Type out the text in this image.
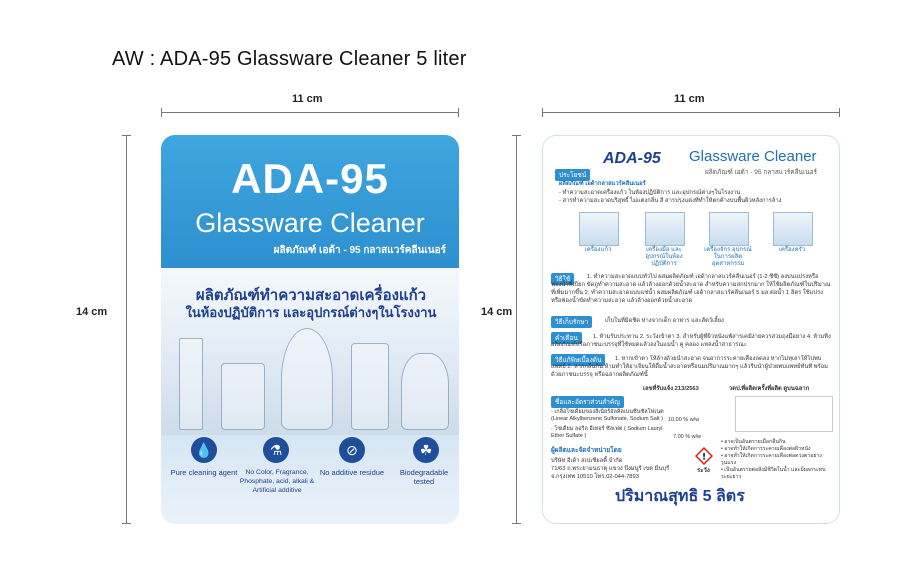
AW : ADA-95 Glassware Cleaner 5 liter
11 cm
14 cm
11 cm
14 cm
ADA-95
Glassware Cleaner
ผลิตภัณฑ์ เอด้า - 95 กลาสแวร์คลีนเนอร์
ผลิตภัณฑ์ทำความสะอาดเครื่องแก้ว
ในห้องปฏิบัติการ และอุปกรณ์ต่างๆในโรงงาน
💧
Pure cleaning agent
⚗
No Color, Fragrance, Phosphate, acid, alkali & Artificial additive
⊘
No additive residue
☘
Biodegradable tested
ADA-95 Glassware Cleaner
ผลิตภัณฑ์ เอด้า - 95 กลาสแวร์คลีนเนอร์
ประโยชน์
ผลิตภัณฑ์ เอด้ากลาสแวร์คลีนเนอร์
- ทำความสะอาดเครื่องแก้ว ในห้องปฏิบัติการ และอุปกรณ์ต่างๆในโรงงาน
- สารทำความสะอาดบริสุทธิ์ ไม่แต่งกลิ่น สี สารปรุงแต่งที่ทำให้ตกค้างบนพื้นผิวหลังการล้าง
เครื่องแก้ว	เครื่องมือ และอุปกรณ์ในห้องปฏิบัติการ
เครื่องจักร อุปกรณ์ในการผลิต อุตสาหกรรม
เครื่องครัว
วิธีใช้	1. ทำความสะอาดแบบทั่วไป ผสมผลิตภัณฑ์ เอด้ากลาสแวร์คลีนเนอร์ (1-2 ซีซี) ลงบนแปรงหรือฟองน้ำที่เปียก ขัดถูทำความสะอาด แล้วล้างออกด้วยน้ำสะอาด สำหรับความสกปรกมาก ให้ใช้ผลิตภัณฑ์ในปริมาณที่เพิ่มมากขึ้น 2. ทำความสะอาดแบบแช่น้ำ ผสมผลิตภัณฑ์ เอด้ากลาสแวร์คลีนเนอร์ 5 มล.ต่อน้ำ 1 ลิตร ใช้แปรงหรือฟองน้ำขัดทำความสะอาด แล้วล้างออกด้วยน้ำสะอาด
วิธีเก็บรักษา	เก็บในที่มิดชิด ห่างจากเด็ก อาหาร และสัตว์เลี้ยง
คำเตือน	1. ห้ามรับประทาน 2. ระวังเข้าตา 3. สำหรับผู้ที่ผิวหนังแพ้สารเคมีง่ายควรสวมถุงมือยาง 4. ห้ามทิ้งผลิตภัณฑ์หรือภาชนะบรรจุที่ใช้หมดแล้วลงในแม่น้ำ คู คลอง แหล่งน้ำสาธารณะ
วิธีแก้พิษเบื้องต้น	1. หากเข้าตา ให้ล้างด้วยน้ำสะอาด จนอาการระคายเคืองลดลง หากไม่ทุเลาให้ไปพบแพทย์ 2. หากกลืนกิน ห้ามทำให้อาเจียนให้ดื่มน้ำสะอาดหรือนมปริมาณมากๆ แล้วรีบนำผู้ป่วยพบแพทย์ทันที พร้อมด้วยภาชนะบรรจุ หรือฉลากผลิตภัณฑ์นี้
เลขที่รับแจ้ง 213/2563	วดป.ที่ผลิต/ครั้งที่ผลิต ดูบนฉลาก
ชื่อและอัตราส่วนสำคัญ
- เกลือโซเดียมของลีเนียร์อัลคิลเบนซีนซัลโฟเนต (Linear Alkylbenzene Sulfonate, Sodium Salt ) 10.00 % w/w
- โซเดียม ลอริล อีเทอร์ ซัลเฟต ( Sodium Lauryl Ether Sulfate )	7.00 % w/w
!
ระวัง
• อาจเป็นอันตรายเมื่อกลืนกิน
• อาจทำให้เกิดการระคายเคืองต่อผิวหนัง
• อาจทำให้เกิดการระคายเคืองต่อดวงตาอย่างรุนแรง
• เป็นอันตรายต่อสิ่งมีชีวิตในน้ำ และมีผลกระทบระยะยาว
ผู้ผลิตและจัดจำหน่ายโดย
บริษัท อีเด้า สเปเชียลตี้ จำกัด
71/63 ถ.พระยามนธาตุ แขวง บึงมนูรี เขต มีนบุรี
จ.กรุงเทพ 10510 โทร.02-044-7893
ปริมาณสุทธิ 5 ลิตร
